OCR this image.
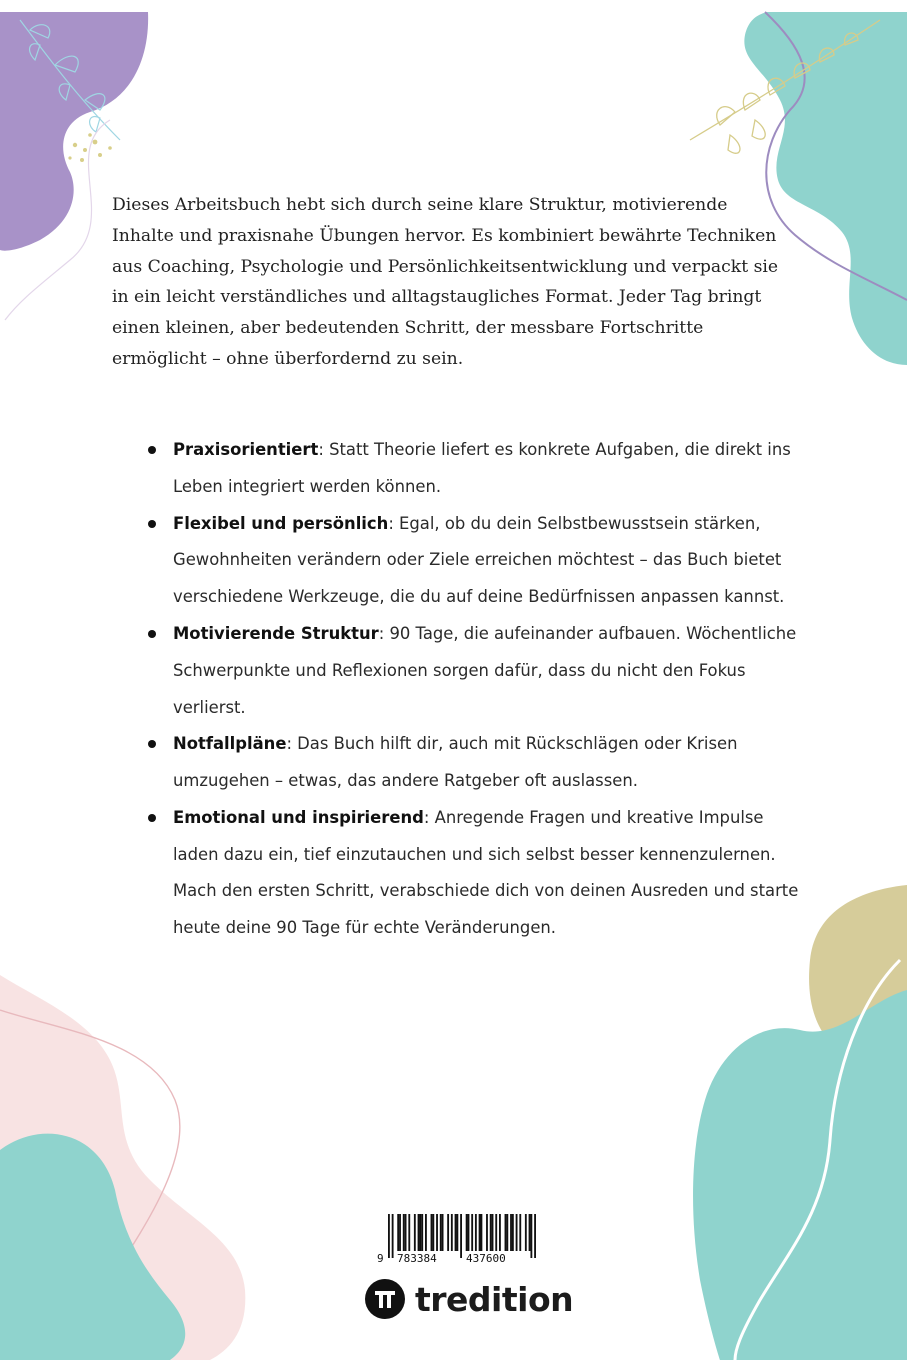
Dieses Arbeitsbuch hebt sich durch seine klare Struktur, motivierende Inhalte und praxisnahe Übungen hervor. Es kombiniert bewährte Techniken aus Coaching, Psychologie und Persönlichkeitsentwicklung und verpackt sie in ein leicht verständliches und alltagstaugliches Format. Jeder Tag bringt einen kleinen, aber bedeutenden Schritt, der messbare Fortschritte ermöglicht – ohne überfordernd zu sein.

Praxisorientiert: Statt Theorie liefert es konkrete Aufgaben, die direkt ins Leben integriert werden können.
Flexibel und persönlich: Egal, ob du dein Selbstbewusstsein stärken, Gewohnheiten verändern oder Ziele erreichen möchtest – das Buch bietet verschiedene Werkzeuge, die du auf deine Bedürfnissen anpassen kannst.
Motivierende Struktur: 90 Tage, die aufeinander aufbauen. Wöchentliche Schwerpunkte und Reflexionen sorgen dafür, dass du nicht den Fokus verlierst.
Notfallpläne: Das Buch hilft dir, auch mit Rückschlägen oder Krisen umzugehen – etwas, das andere Ratgeber oft auslassen.
Emotional und inspirierend: Anregende Fragen und kreative Impulse laden dazu ein, tief einzutauchen und sich selbst besser kennenzulernen.

Mach den ersten Schritt, verabschiede dich von deinen Ausreden und starte heute deine 90 Tage für echte Veränderungen.

9 783384	437600
tredition
